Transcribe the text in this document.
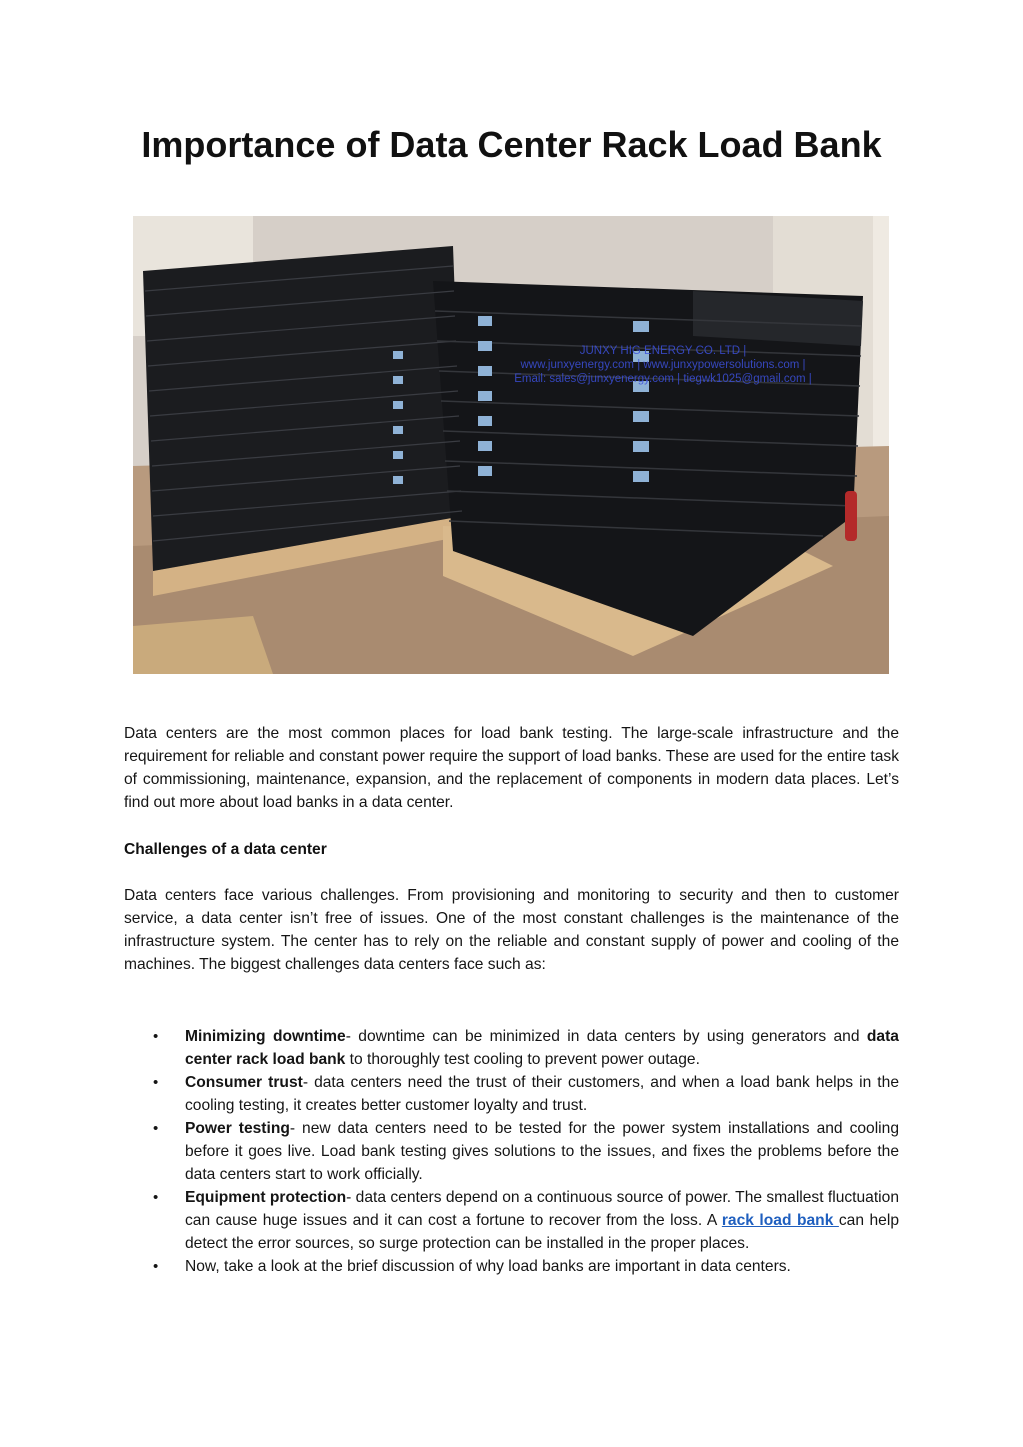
Importance of Data Center Rack Load Bank
JUNXY HIG ENERGY CO. LTD |
www.junxyenergy.com | www.junxypowersolutions.com |
Email: sales@junxyenergy.com | tiegwk1025@gmail.com |
Data centers are the most common places for load bank testing. The large-scale infrastructure and the requirement for reliable and constant power require the support of load banks. These are used for the entire task of commissioning, maintenance, expansion, and the replacement of components in modern data places. Let’s find out more about load banks in a data center.
Challenges of a data center
Data centers face various challenges. From provisioning and monitoring to security and then to customer service, a data center isn’t free of issues. One of the most constant challenges is the maintenance of the infrastructure system. The center has to rely on the reliable and constant supply of power and cooling of the machines. The biggest challenges data centers face such as:
• Minimizing downtime- downtime can be minimized in data centers by using generators and data center rack load bank to thoroughly test cooling to prevent power outage.
• Consumer trust- data centers need the trust of their customers, and when a load bank helps in the cooling testing, it creates better customer loyalty and trust.
• Power testing- new data centers need to be tested for the power system installations and cooling before it goes live. Load bank testing gives solutions to the issues, and fixes the problems before the data centers start to work officially.
• Equipment protection- data centers depend on a continuous source of power. The smallest fluctuation can cause huge issues and it can cost a fortune to recover from the loss. A rack load bank can help detect the error sources, so surge protection can be installed in the proper places.
• Now, take a look at the brief discussion of why load banks are important in data centers.
